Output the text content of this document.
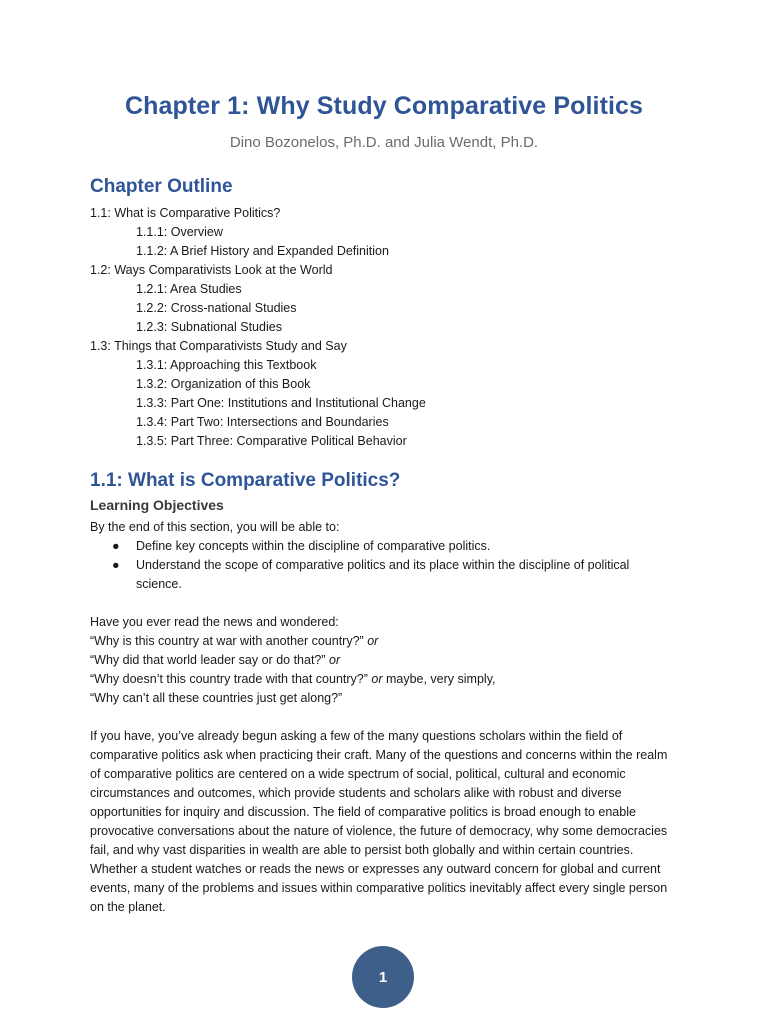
Chapter 1: Why Study Comparative Politics
Dino Bozonelos, Ph.D. and Julia Wendt, Ph.D.
Chapter Outline
1.1: What is Comparative Politics?
1.1.1: Overview
1.1.2: A Brief History and Expanded Definition
1.2: Ways Comparativists Look at the World
1.2.1: Area Studies
1.2.2: Cross-national Studies
1.2.3: Subnational Studies
1.3: Things that Comparativists Study and Say
1.3.1: Approaching this Textbook
1.3.2: Organization of this Book
1.3.3: Part One: Institutions and Institutional Change
1.3.4: Part Two: Intersections and Boundaries
1.3.5: Part Three: Comparative Political Behavior
1.1: What is Comparative Politics?
Learning Objectives
By the end of this section, you will be able to:
● Define key concepts within the discipline of comparative politics.
● Understand the scope of comparative politics and its place within the discipline of political science.
Have you ever read the news and wondered:
“Why is this country at war with another country?” or
“Why did that world leader say or do that?” or
“Why doesn’t this country trade with that country?” or maybe, very simply,
“Why can’t all these countries just get along?”

If you have, you’ve already begun asking a few of the many questions scholars within the field of comparative politics ask when practicing their craft. Many of the questions and concerns within the realm of comparative politics are centered on a wide spectrum of social, political, cultural and economic circumstances and outcomes, which provide students and scholars alike with robust and diverse opportunities for inquiry and discussion. The field of comparative politics is broad enough to enable provocative conversations about the nature of violence, the future of democracy, why some democracies fail, and why vast disparities in wealth are able to persist both globally and within certain countries. Whether a student watches or reads the news or expresses any outward concern for global and current events, many of the problems and issues within comparative politics inevitably affect every single person on the planet.

1
